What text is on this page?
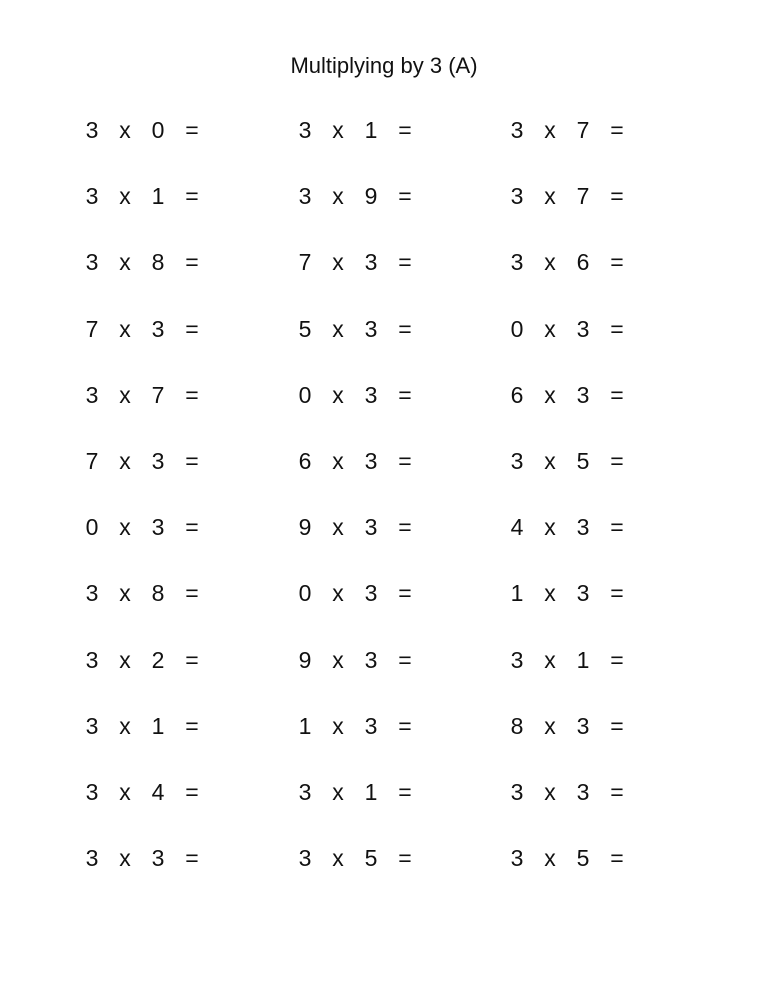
Multiplying by 3 (A)
3 x 0 =
3 x 1 =
3 x 8 =
7 x 3 =
3 x 7 =
7 x 3 =
0 x 3 =
3 x 8 =
3 x 2 =
3 x 1 =
3 x 4 =
3 x 3 =
3 x 1 =
3 x 9 =
7 x 3 =
5 x 3 =
0 x 3 =
6 x 3 =
9 x 3 =
0 x 3 =
9 x 3 =
1 x 3 =
3 x 1 =
3 x 5 =
3 x 7 =
3 x 7 =
3 x 6 =
0 x 3 =
6 x 3 =
3 x 5 =
4 x 3 =
1 x 3 =
3 x 1 =
8 x 3 =
3 x 3 =
3 x 5 =
